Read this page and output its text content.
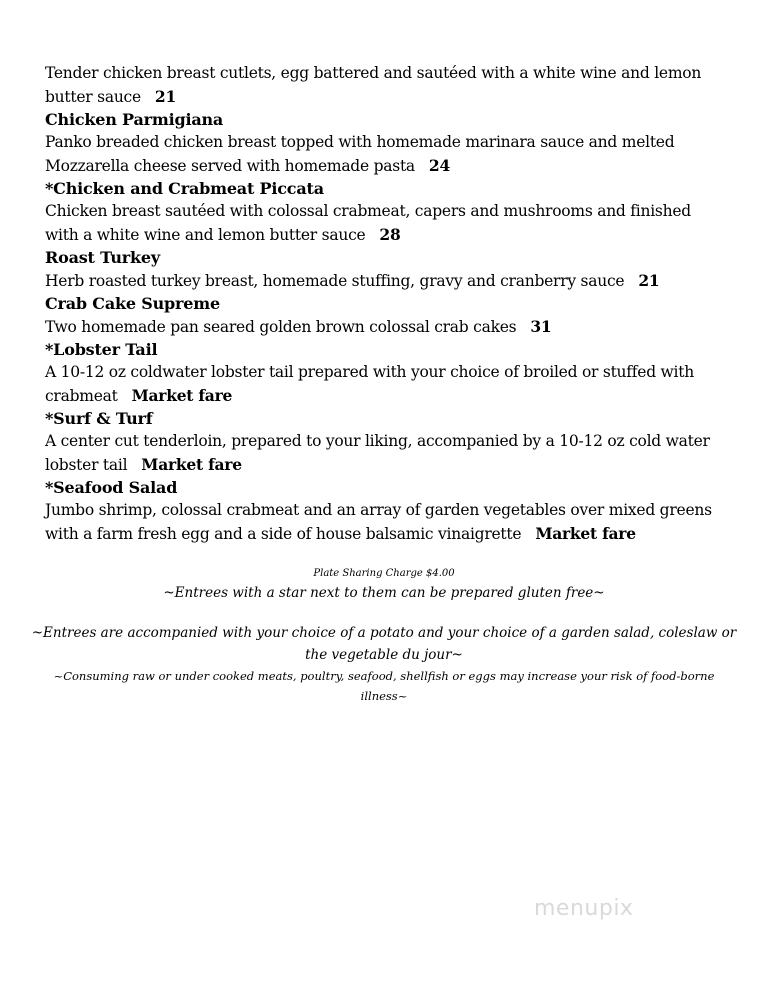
Tender chicken breast cutlets, egg battered and sautéed with a white wine and lemon butter sauce 21
Chicken Parmigiana
Panko breaded chicken breast topped with homemade marinara sauce and melted Mozzarella cheese served with homemade pasta 24
*Chicken and Crabmeat Piccata
Chicken breast sautéed with colossal crabmeat, capers and mushrooms and finished with a white wine and lemon butter sauce 28
Roast Turkey
Herb roasted turkey breast, homemade stuffing, gravy and cranberry sauce 21
Crab Cake Supreme
Two homemade pan seared golden brown colossal crab cakes 31
*Lobster Tail
A 10-12 oz coldwater lobster tail prepared with your choice of broiled or stuffed with crabmeat Market fare
*Surf & Turf
A center cut tenderloin, prepared to your liking, accompanied by a 10-12 oz cold water lobster tail Market fare
*Seafood Salad
Jumbo shrimp, colossal crabmeat and an array of garden vegetables over mixed greens with a farm fresh egg and a side of house balsamic vinaigrette Market fare
Plate Sharing Charge $4.00
~Entrees with a star next to them can be prepared gluten free~
~Entrees are accompanied with your choice of a potato and your choice of a garden salad, coleslaw or the vegetable du jour~
~Consuming raw or under cooked meats, poultry, seafood, shellfish or eggs may increase your risk of food-borne illness~
menupix
